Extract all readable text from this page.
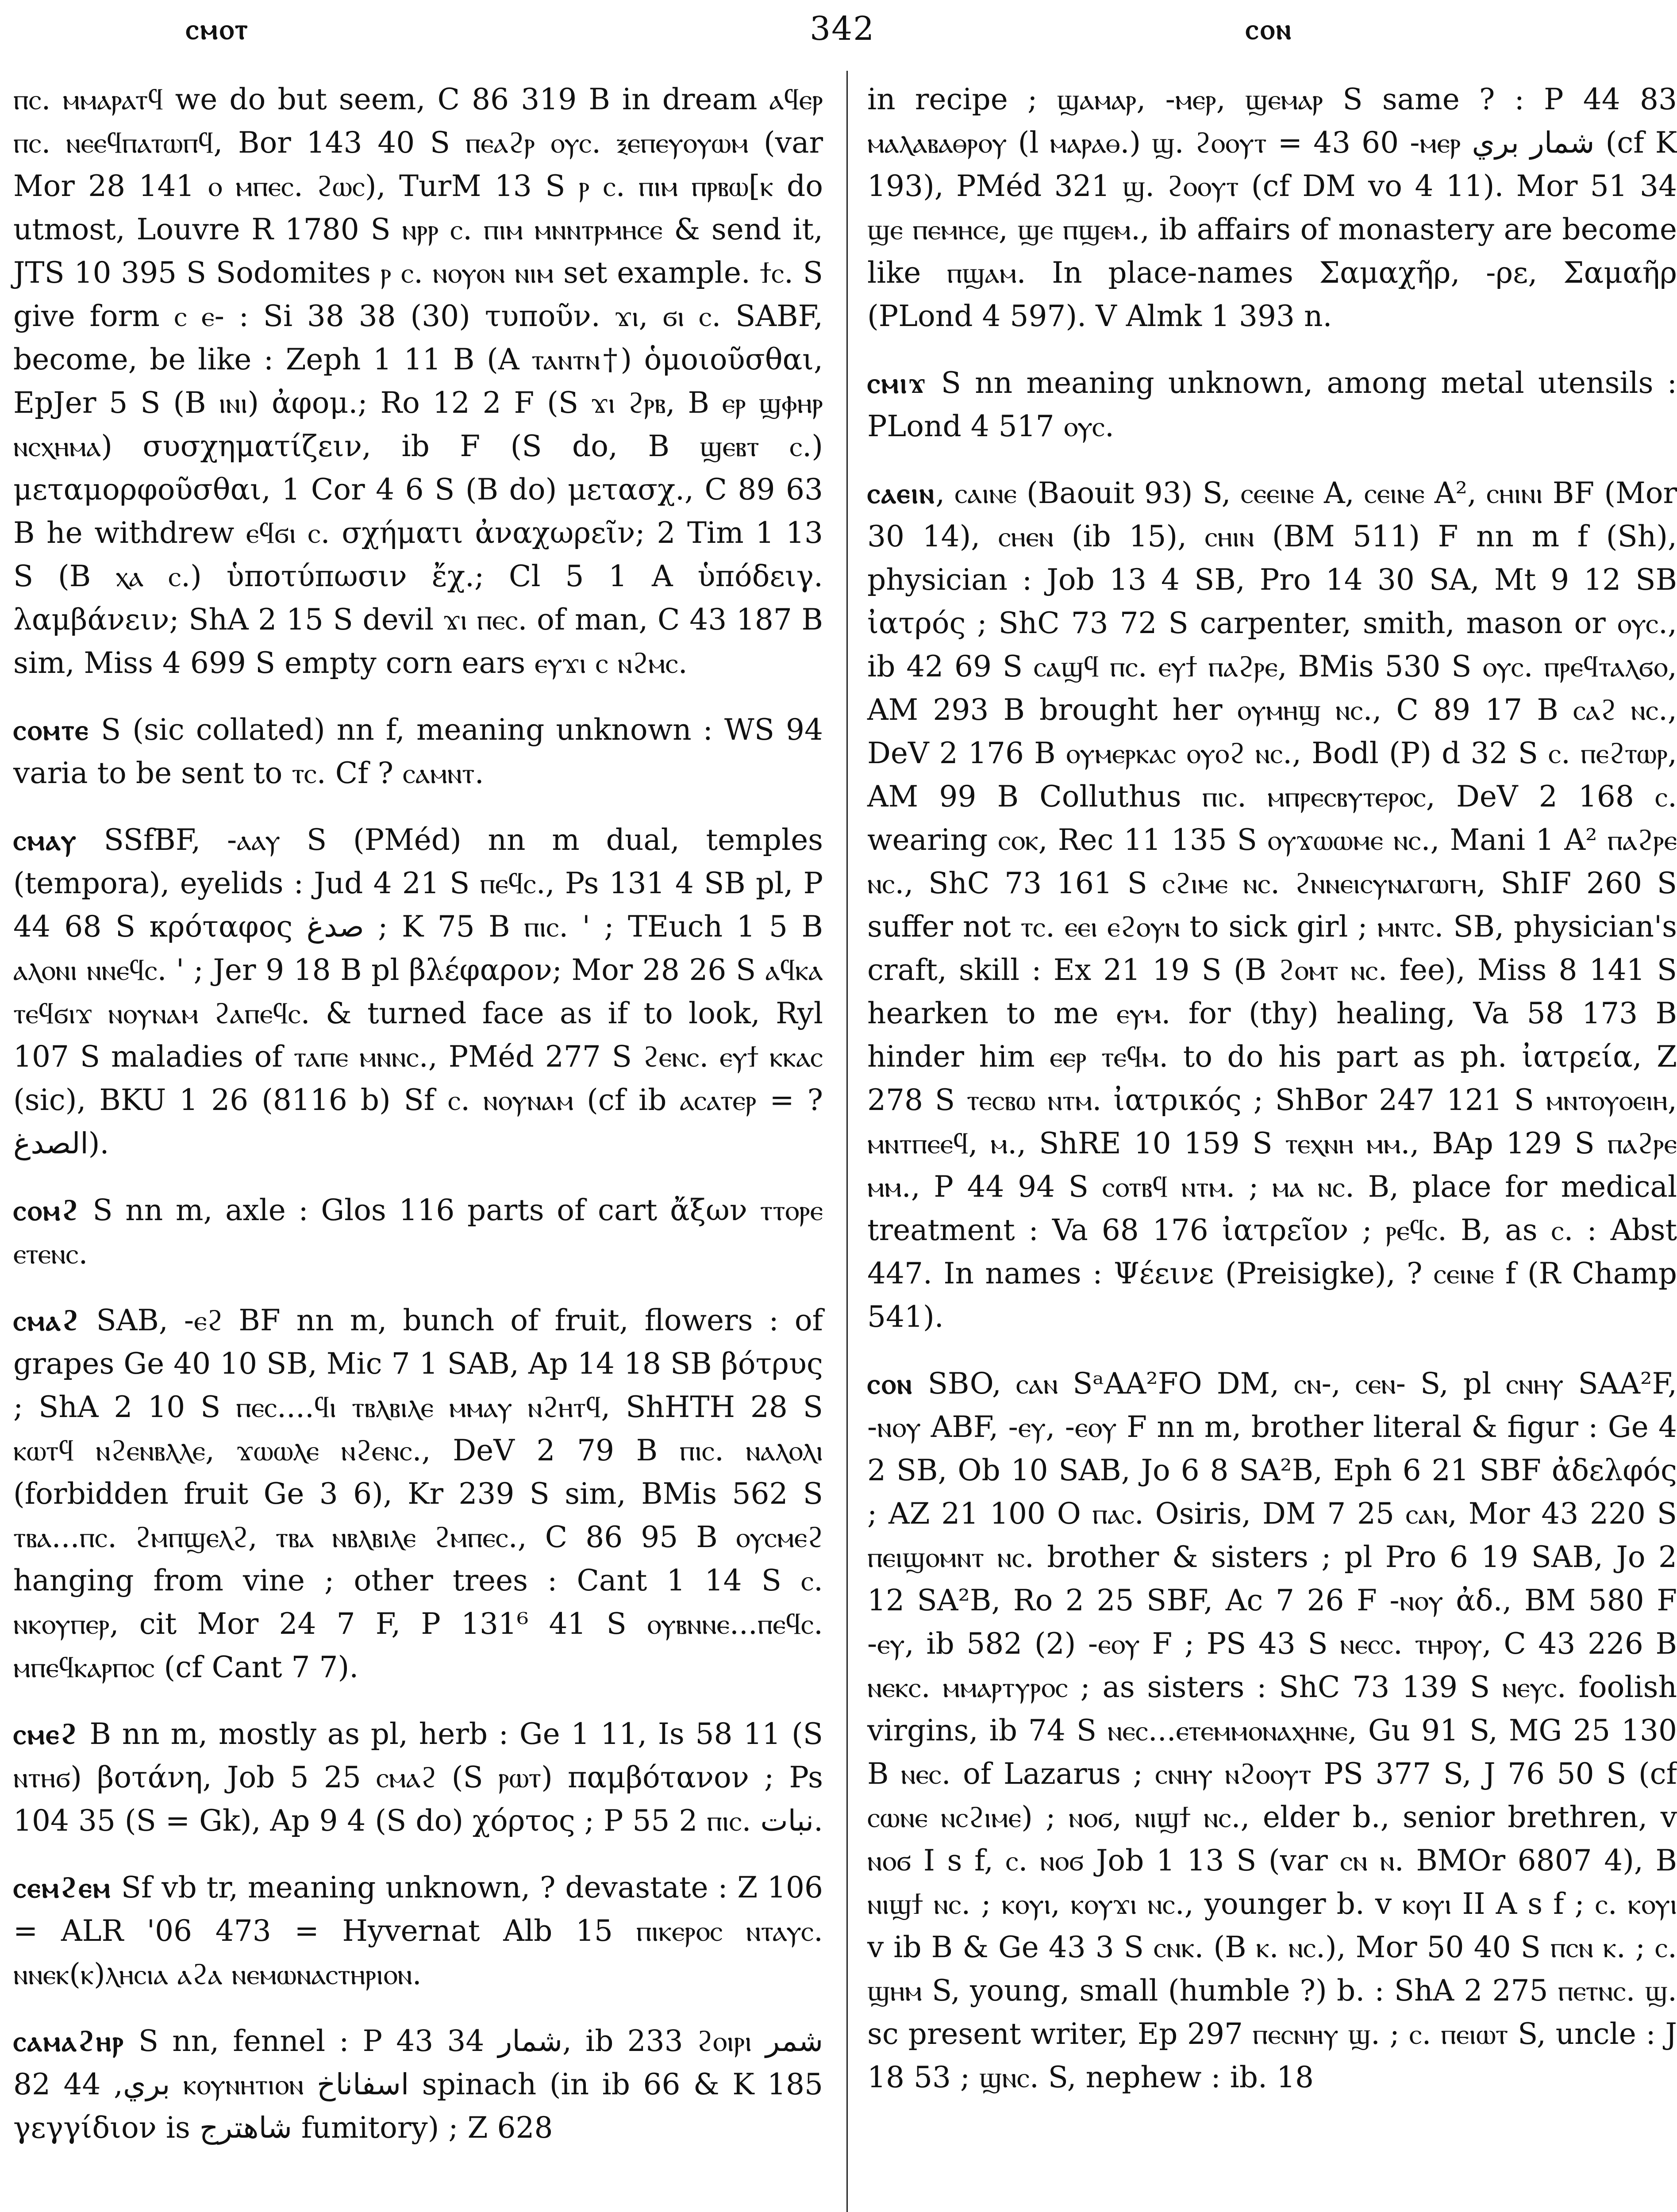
ⲥⲙⲟⲧ	342	ⲥⲟⲛ

ⲡⲥ. ⲙⲙⲁⲣⲁⲧϥ we do but seem, C 86 319 B in dream ⲁϥⲉⲣ ⲡⲥ. ⲛⲉⲉϥⲡⲁⲧⲱⲡϥ, Bor 143 40 S ⲡⲉⲁϩⲣ ⲟⲩⲥ. ⲝⲉⲡⲉⲩⲟⲩⲱⲙ (var Mor 28 141 ⲟ ⲙⲡⲉⲥ. ϩⲱⲥ), TurM 13 S ⲣ ⲥ. ⲡⲓⲙ ⲡⲣⲃⲱ[ⲕ do utmost, Louvre R 1780 S ⲛⲣⲣ ⲥ. ⲡⲓⲙ ⲙⲛⲛⲧⲣⲙⲏⲥⲉ & send it, JTS 10 395 S Sodomites ⲣ ⲥ. ⲛⲟⲩⲟⲛ ⲛⲓⲙ set example. ϯⲥ. S give form ⲥ ⲉ- : Si 38 38 (30) τυποῦν. ϫⲓ, ϭⲓ ⲥ. SABF, become, be like : Zeph 1 11 B (A ⲧⲁⲛⲧⲛ†) ὁμοιοῦσθαι, EpJer 5 S (B ⲓⲛⲓ) ἀφομ.; Ro 12 2 F (S ϫⲓ ϩⲣⲃ, B ⲉⲣ ϣⲫⲏⲣ ⲛⲥⲭⲏⲙⲁ) συσχηματίζειν, ib F (S do, B ϣⲉⲃⲧ ⲥ.) μεταμορφοῦσθαι, 1 Cor 4 6 S (B do) μετασχ., C 89 63 B he withdrew ⲉϥϭⲓ ⲥ. σχήματι ἀναχωρεῖν; 2 Tim 1 13 S (B ⲭⲁ ⲥ.) ὑποτύπωσιν ἔχ.; Cl 5 1 A ὑπόδειγ. λαμβάνειν; ShA 2 15 S devil ϫⲓ ⲡⲉⲥ. of man, C 43 187 B sim, Miss 4 699 S empty corn ears ⲉⲩϫⲓ ⲥ ⲛϩⲙⲥ.

ⲥⲟⲙⲧⲉ S (sic collated) nn f, meaning unknown : WS 94 varia to be sent to ⲧⲥ. Cf ? ⲥⲁⲙⲛⲧ.

ⲥⲙⲁⲩ SSfBF, -ⲁⲁⲩ S (PMéd) nn m dual, temples (tempora), eyelids : Jud 4 21 S ⲡⲉϥⲥ., Ps 131 4 SB pl, P 44 68 S κρόταφος صدغ ; K 75 B ⲡⲓⲥ. ' ; TEuch 1 5 B ⲁⲗⲟⲛⲓ ⲛⲛⲉϥⲥ. ' ; Jer 9 18 B pl βλέφαρον; Mor 28 26 S ⲁϥⲕⲁ ⲧⲉϥϭⲓϫ ⲛⲟⲩⲛⲁⲙ ϩⲁⲡⲉϥⲥ. & turned face as if to look, Ryl 107 S maladies of ⲧⲁⲡⲉ ⲙⲛⲛⲥ., PMéd 277 S ϩⲉⲛⲥ. ⲉⲩϯ ⲕⲕⲁⲥ (sic), BKU 1 26 (8116 b) Sf ⲥ. ⲛⲟⲩⲛⲁⲙ (cf ib ⲁⲥⲁⲧⲉⲣ = ? الصدغ).

ⲥⲟⲙϩ S nn m, axle : Glos 116 parts of cart ἄξων ⲧⲧⲟⲣⲉ ⲉⲧⲉⲛⲥ.

ⲥⲙⲁϩ SAB, -ⲉϩ BF nn m, bunch of fruit, flowers : of grapes Ge 40 10 SB, Mic 7 1 SAB, Ap 14 18 SB βότρυς ; ShA 2 10 S ⲡⲉⲥ....ϥⲓ ⲧⲃⲗⲃⲓⲗⲉ ⲙⲙⲁⲩ ⲛϩⲏⲧϥ, ShHTH 28 S ⲕⲱⲧϥ ⲛϩⲉⲛⲃⲗⲗⲉ, ϫⲱⲱⲗⲉ ⲛϩⲉⲛⲥ., DeV 2 79 B ⲡⲓⲥ. ⲛⲁⲗⲟⲗⲓ (forbidden fruit Ge 3 6), Kr 239 S sim, BMis 562 S ⲧⲃⲁ...ⲡⲥ. ϩⲙⲡϣⲉⲗϩ, ⲧⲃⲁ ⲛⲃⲗⲃⲓⲗⲉ ϩⲙⲡⲉⲥ., C 86 95 B ⲟⲩⲥⲙⲉϩ hanging from vine ; other trees : Cant 1 14 S ⲥ. ⲛⲕⲟⲩⲡⲉⲣ, cit Mor 24 7 F, P 131⁶ 41 S ⲟⲩⲃⲛⲛⲉ...ⲡⲉϥⲥ. ⲙⲡⲉϥⲕⲁⲣⲡⲟⲥ (cf Cant 7 7).

ⲥⲙⲉϩ B nn m, mostly as pl, herb : Ge 1 11, Is 58 11 (S ⲛⲧⲏϭ) βοτάνη, Job 5 25 ⲥⲙⲁϩ (S ⲣⲱⲧ) παμβότανον ; Ps 104 35 (S = Gk), Ap 9 4 (S do) χόρτος ; P 55 2 ⲡⲓⲥ. نبات.

ⲥⲉⲙϩⲉⲙ Sf vb tr, meaning unknown, ? devastate : Z 106 = ALR '06 473 = Hyvernat Alb 15 ⲡⲓⲕⲉⲣⲟⲥ ⲛⲧⲁⲩⲥ. ⲛⲛⲉⲕ(ⲕ)ⲗⲏⲥⲓⲁ ⲁϩⲁ ⲛⲉⲙⲱⲛⲁⲥⲧⲏⲣⲓⲟⲛ.

ⲥⲁⲙⲁϩⲏⲣ S nn, fennel : P 43 34 شمار, ib 233 ϩⲟⲓⲣⲓ شمر بري, 44 82 ⲕⲟⲩⲛⲏⲧⲓⲟⲛ اسفاناخ spinach (in ib 66 & K 185 γεγγίδιον is شاهترج fumitory) ; Z 628

in recipe ; ϣⲁⲙⲁⲣ, -ⲙⲉⲣ, ϣⲉⲙⲁⲣ S same ? : P 44 83 ⲙⲁⲗⲁⲃⲁⲑⲣⲟⲩ (l ⲙⲁⲣⲁⲑ.) ϣ. ϩⲟⲟⲩⲧ = 43 60 -ⲙⲉⲣ شمار بري (cf K 193), PMéd 321 ϣ. ϩⲟⲟⲩⲧ (cf DM vo 4 11). Mor 51 34 ϣⲉ ⲡⲉⲙⲏⲥⲉ, ϣⲉ ⲡϣⲉⲙ., ib affairs of monastery are become like ⲡϣⲁⲙ. In place-names Σαμαχῆρ, -ρε, Σαμαῆρ (PLond 4 597). V Almk 1 393 n.

ⲥⲙⲓϫ S nn meaning unknown, among metal utensils : PLond 4 517 ⲟⲩⲥ.

ⲥⲁⲉⲓⲛ, ⲥⲁⲓⲛⲉ (Baouit 93) S, ⲥⲉⲉⲓⲛⲉ A, ⲥⲉⲓⲛⲉ A², ⲥⲏⲓⲛⲓ BF (Mor 30 14), ⲥⲏⲉⲛ (ib 15), ⲥⲏⲓⲛ (BM 511) F nn m f (Sh), physician : Job 13 4 SB, Pro 14 30 SA, Mt 9 12 SB ἰατρός ; ShC 73 72 S carpenter, smith, mason or ⲟⲩⲥ., ib 42 69 S ⲥⲁϣϥ ⲡⲥ. ⲉⲩϯ ⲡⲁϩⲣⲉ, BMis 530 S ⲟⲩⲥ. ⲡⲣⲉϥⲧⲁⲗϭⲟ, AM 293 B brought her ⲟⲩⲙⲏϣ ⲛⲥ., C 89 17 B ⲥⲁϩ ⲛⲥ., DeV 2 176 B ⲟⲩⲙⲉⲣⲕⲁⲥ ⲟⲩⲟϩ ⲛⲥ., Bodl (P) d 32 S ⲥ. ⲡⲉϩⲧⲱⲣ, AM 99 B Colluthus ⲡⲓⲥ. ⲙⲡⲣⲉⲥⲃⲩⲧⲉⲣⲟⲥ, DeV 2 168 ⲥ. wearing ⲥⲟⲕ, Rec 11 135 S ⲟⲩϫⲱⲱⲙⲉ ⲛⲥ., Mani 1 A² ⲡⲁϩⲣⲉ ⲛⲥ., ShC 73 161 S ⲥϩⲓⲙⲉ ⲛⲥ. ϩⲛⲛⲉⲓⲥⲩⲛⲁⲅⲱⲅⲏ, ShIF 260 S suffer not ⲧⲥ. ⲉⲉⲓ ⲉϩⲟⲩⲛ to sick girl ; ⲙⲛⲧⲥ. SB, physician's craft, skill : Ex 21 19 S (B ϩⲟⲙⲧ ⲛⲥ. fee), Miss 8 141 S hearken to me ⲉⲩⲙ. for (thy) healing, Va 58 173 B hinder him ⲉⲉⲣ ⲧⲉϥⲙ. to do his part as ph. ἰατρεία, Z 278 S ⲧⲉⲥⲃⲱ ⲛⲧⲙ. ἰατρικός ; ShBor 247 121 S ⲙⲛⲧⲟⲩⲟⲉⲓⲏ, ⲙⲛⲧⲡⲉⲉϥ, ⲙ., ShRE 10 159 S ⲧⲉⲭⲛⲏ ⲙⲙ., BAp 129 S ⲡⲁϩⲣⲉ ⲙⲙ., P 44 94 S ⲥⲟⲧⲃϥ ⲛⲧⲙ. ; ⲙⲁ ⲛⲥ. B, place for medical treatment : Va 68 176 ἰατρεῖον ; ⲣⲉϥⲥ. B, as ⲥ. : Abst 447. In names : Ψέεινε (Preisigke), ? ⲥⲉⲓⲛⲉ f (R Champ 541).

ⲥⲟⲛ SBO, ⲥⲁⲛ SᵃAA²FO DM, ⲥⲛ-, ⲥⲉⲛ- S, pl ⲥⲛⲏⲩ SAA²F, -ⲛⲟⲩ ABF, -ⲉⲩ, -ⲉⲟⲩ F nn m, brother literal & figur : Ge 4 2 SB, Ob 10 SAB, Jo 6 8 SA²B, Eph 6 21 SBF ἀδελφός ; AZ 21 100 O ⲡⲁⲥ. Osiris, DM 7 25 ⲥⲁⲛ, Mor 43 220 S ⲡⲉⲓϣⲟⲙⲛⲧ ⲛⲥ. brother & sisters ; pl Pro 6 19 SAB, Jo 2 12 SA²B, Ro 2 25 SBF, Ac 7 26 F -ⲛⲟⲩ ἀδ., BM 580 F -ⲉⲩ, ib 582 (2) -ⲉⲟⲩ F ; PS 43 S ⲛⲉⲥⲥ. ⲧⲏⲣⲟⲩ, C 43 226 B ⲛⲉⲕⲥ. ⲙⲙⲁⲣⲧⲩⲣⲟⲥ ; as sisters : ShC 73 139 S ⲛⲉⲩⲥ. foolish virgins, ib 74 S ⲛⲉⲥ...ⲉⲧⲉⲙⲙⲟⲛⲁⲭⲏⲛⲉ, Gu 91 S, MG 25 130 B ⲛⲉⲥ. of Lazarus ; ⲥⲛⲏⲩ ⲛϩⲟⲟⲩⲧ PS 377 S, J 76 50 S (cf ⲥⲱⲛⲉ ⲛⲥϩⲓⲙⲉ) ; ⲛⲟϭ, ⲛⲓϣϯ ⲛⲥ., elder b., senior brethren, v ⲛⲟϭ I s f, ⲥ. ⲛⲟϭ Job 1 13 S (var ⲥⲛ ⲛ. BMOr 6807 4), B ⲛⲓϣϯ ⲛⲥ. ; ⲕⲟⲩⲓ, ⲕⲟⲩϫⲓ ⲛⲥ., younger b. v ⲕⲟⲩⲓ II A s f ; ⲥ. ⲕⲟⲩⲓ v ib B & Ge 43 3 S ⲥⲛⲕ. (B ⲕ. ⲛⲥ.), Mor 50 40 S ⲡⲥⲛ ⲕ. ; ⲥ. ϣⲏⲙ S, young, small (humble ?) b. : ShA 2 275 ⲡⲉⲧⲛⲥ. ϣ. sc present writer, Ep 297 ⲡⲉⲥⲛⲏⲩ ϣ. ; ⲥ. ⲡⲉⲓⲱⲧ S, uncle : J 18 53 ; ϣⲛⲥ. S, nephew : ib. 18
